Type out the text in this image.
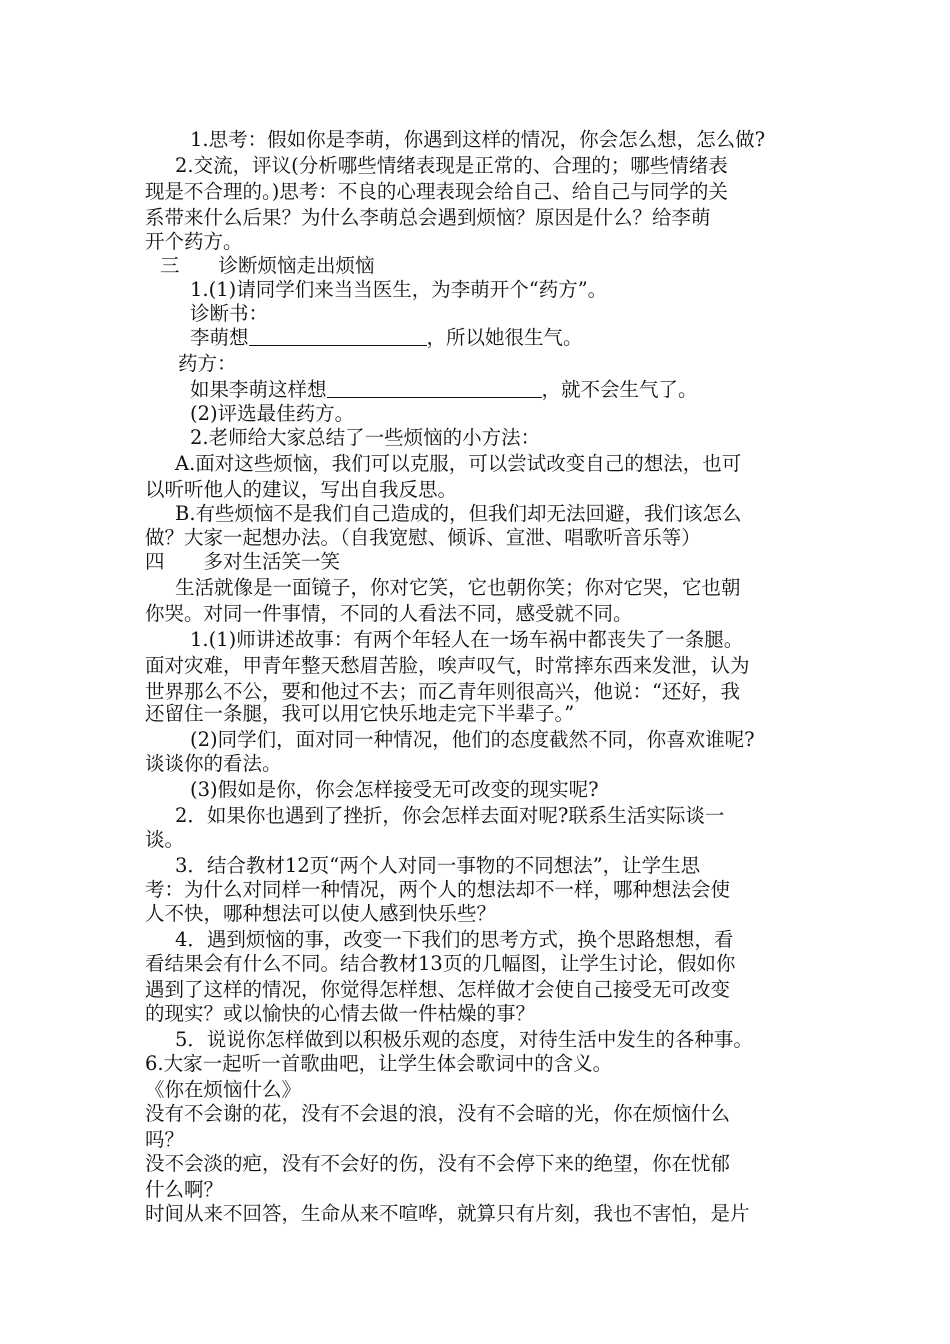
1.思考：假如你是李萌，你遇到这样的情况，你会怎么想，怎么做?
2.交流，评议(分析哪些情绪表现是正常的、合理的；哪些情绪表
现是不合理的。)思考：不良的心理表现会给自己、给自己与同学的关
系带来什么后果？为什么李萌总会遇到烦恼？原因是什么？给李萌
开个药方。
三　　诊断烦恼走出烦恼
1.(1)请同学们来当当医生，为李萌开个“药方”。
诊断书：
李萌想	，所以她很生气。
药方：
如果李萌这样想	，就不会生气了。
(2)评选最佳药方。
2.老师给大家总结了一些烦恼的小方法：
A.面对这些烦恼，我们可以克服，可以尝试改变自己的想法，也可
以听听他人的建议，写出自我反思。
B.有些烦恼不是我们自己造成的，但我们却无法回避，我们该怎么
做？大家一起想办法。（自我宽慰、倾诉、宣泄、唱歌听音乐等）
四　　多对生活笑一笑
生活就像是一面镜子，你对它笑，它也朝你笑；你对它哭，它也朝
你哭。对同一件事情，不同的人看法不同，感受就不同。
1.(1)师讲述故事：有两个年轻人在一场车祸中都丧失了一条腿。
面对灾难，甲青年整天愁眉苦脸，唉声叹气，时常摔东西来发泄，认为
世界那么不公，要和他过不去；而乙青年则很高兴，他说：“还好，我
还留住一条腿，我可以用它快乐地走完下半辈子。”
(2)同学们，面对同一种情况，他们的态度截然不同，你喜欢谁呢?
谈谈你的看法。
(3)假如是你，你会怎样接受无可改变的现实呢?
2．如果你也遇到了挫折，你会怎样去面对呢?联系生活实际谈一
谈。
3．结合教材12页“两个人对同一事物的不同想法”，让学生思
考：为什么对同样一种情况，两个人的想法却不一样，哪种想法会使
人不快，哪种想法可以使人感到快乐些？
4．遇到烦恼的事，改变一下我们的思考方式，换个思路想想，看
看结果会有什么不同。结合教材13页的几幅图，让学生讨论，假如你
遇到了这样的情况，你觉得怎样想、怎样做才会使自己接受无可改变
的现实？或以愉快的心情去做一件枯燥的事？
5．说说你怎样做到以积极乐观的态度，对待生活中发生的各种事。
6.大家一起听一首歌曲吧，让学生体会歌词中的含义。
《你在烦恼什么》
没有不会谢的花，没有不会退的浪，没有不会暗的光，你在烦恼什么
吗？
没不会淡的疤，没有不会好的伤，没有不会停下来的绝望，你在忧郁
什么啊？
时间从来不回答，生命从来不喧哗，就算只有片刻，我也不害怕，是片
